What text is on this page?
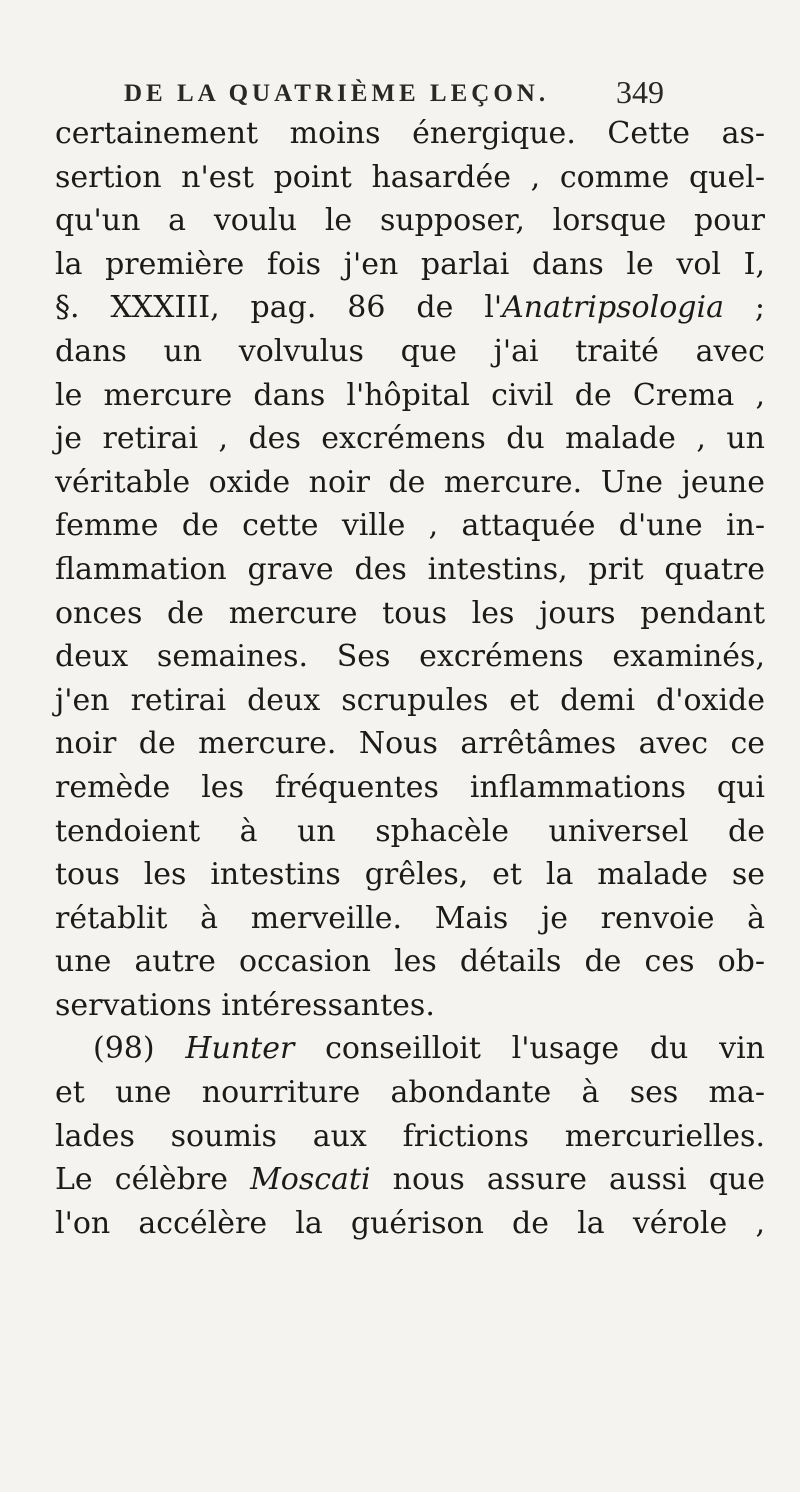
DE LA QUATRIÈME LEÇON. 349
certainement moins énergique. Cette as-
sertion n'est point hasardée , comme quel-
qu'un a voulu le supposer, lorsque pour
la première fois j'en parlai dans le vol I,
§. XXXIII, pag. 86 de l'Anatripsologia ;
dans un volvulus que j'ai traité avec
le mercure dans l'hôpital civil de Crema ,
je retirai , des excrémens du malade , un
véritable oxide noir de mercure. Une jeune
femme de cette ville , attaquée d'une in-
flammation grave des intestins, prit quatre
onces de mercure tous les jours pendant
deux semaines. Ses excrémens examinés,
j'en retirai deux scrupules et demi d'oxide
noir de mercure. Nous arrêtâmes avec ce
remède les fréquentes inflammations qui
tendoient à un sphacèle universel de
tous les intestins grêles, et la malade se
rétablit à merveille. Mais je renvoie à
une autre occasion les détails de ces ob-
servations intéressantes.
(98) Hunter conseilloit l'usage du vin
et une nourriture abondante à ses ma-
lades soumis aux frictions mercurielles.
Le célèbre Moscati nous assure aussi que
l'on accélère la guérison de la vérole ,
